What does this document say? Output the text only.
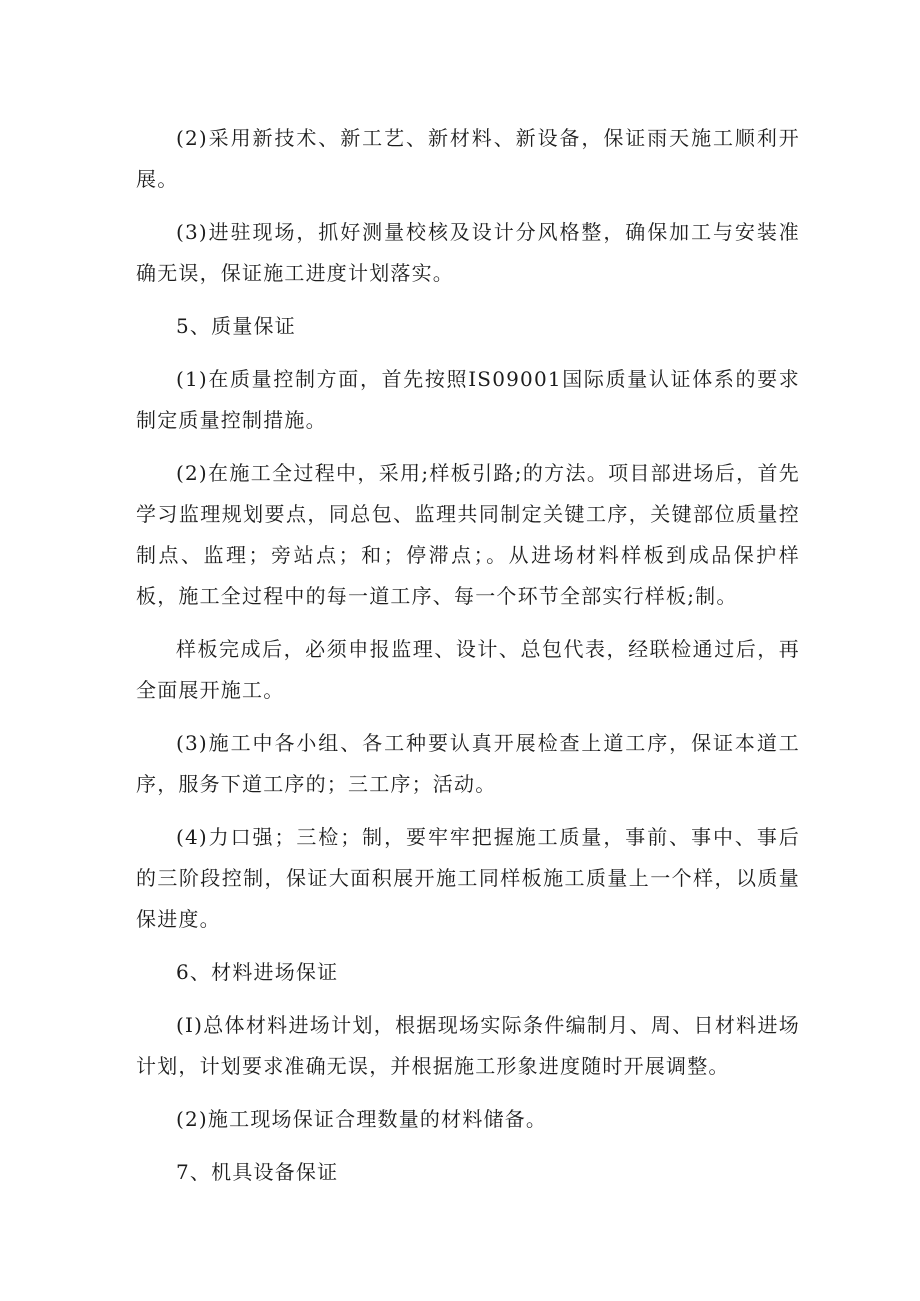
(2)采用新技术、新工艺、新材料、新设备，保证雨天施工顺利开展。

(3)进驻现场，抓好测量校核及设计分风格整，确保加工与安装准确无误，保证施工进度计划落实。

5、质量保证

(1)在质量控制方面，首先按照IS09001国际质量认证体系的要求制定质量控制措施。

(2)在施工全过程中，采用;样板引路;的方法。项目部进场后，首先学习监理规划要点，同总包、监理共同制定关键工序，关键部位质量控制点、监理；旁站点；和；停滞点；。从进场材料样板到成品保护样板，施工全过程中的每一道工序、每一个环节全部实行样板;制。

样板完成后，必须申报监理、设计、总包代表，经联检通过后，再全面展开施工。

(3)施工中各小组、各工种要认真开展检查上道工序，保证本道工序，服务下道工序的；三工序；活动。

(4)力口强；三检；制，要牢牢把握施工质量，事前、事中、事后的三阶段控制，保证大面积展开施工同样板施工质量上一个样，以质量保进度。

6、材料进场保证

(I)总体材料进场计划，根据现场实际条件编制月、周、日材料进场计划，计划要求准确无误，并根据施工形象进度随时开展调整。

(2)施工现场保证合理数量的材料储备。

7、机具设备保证
